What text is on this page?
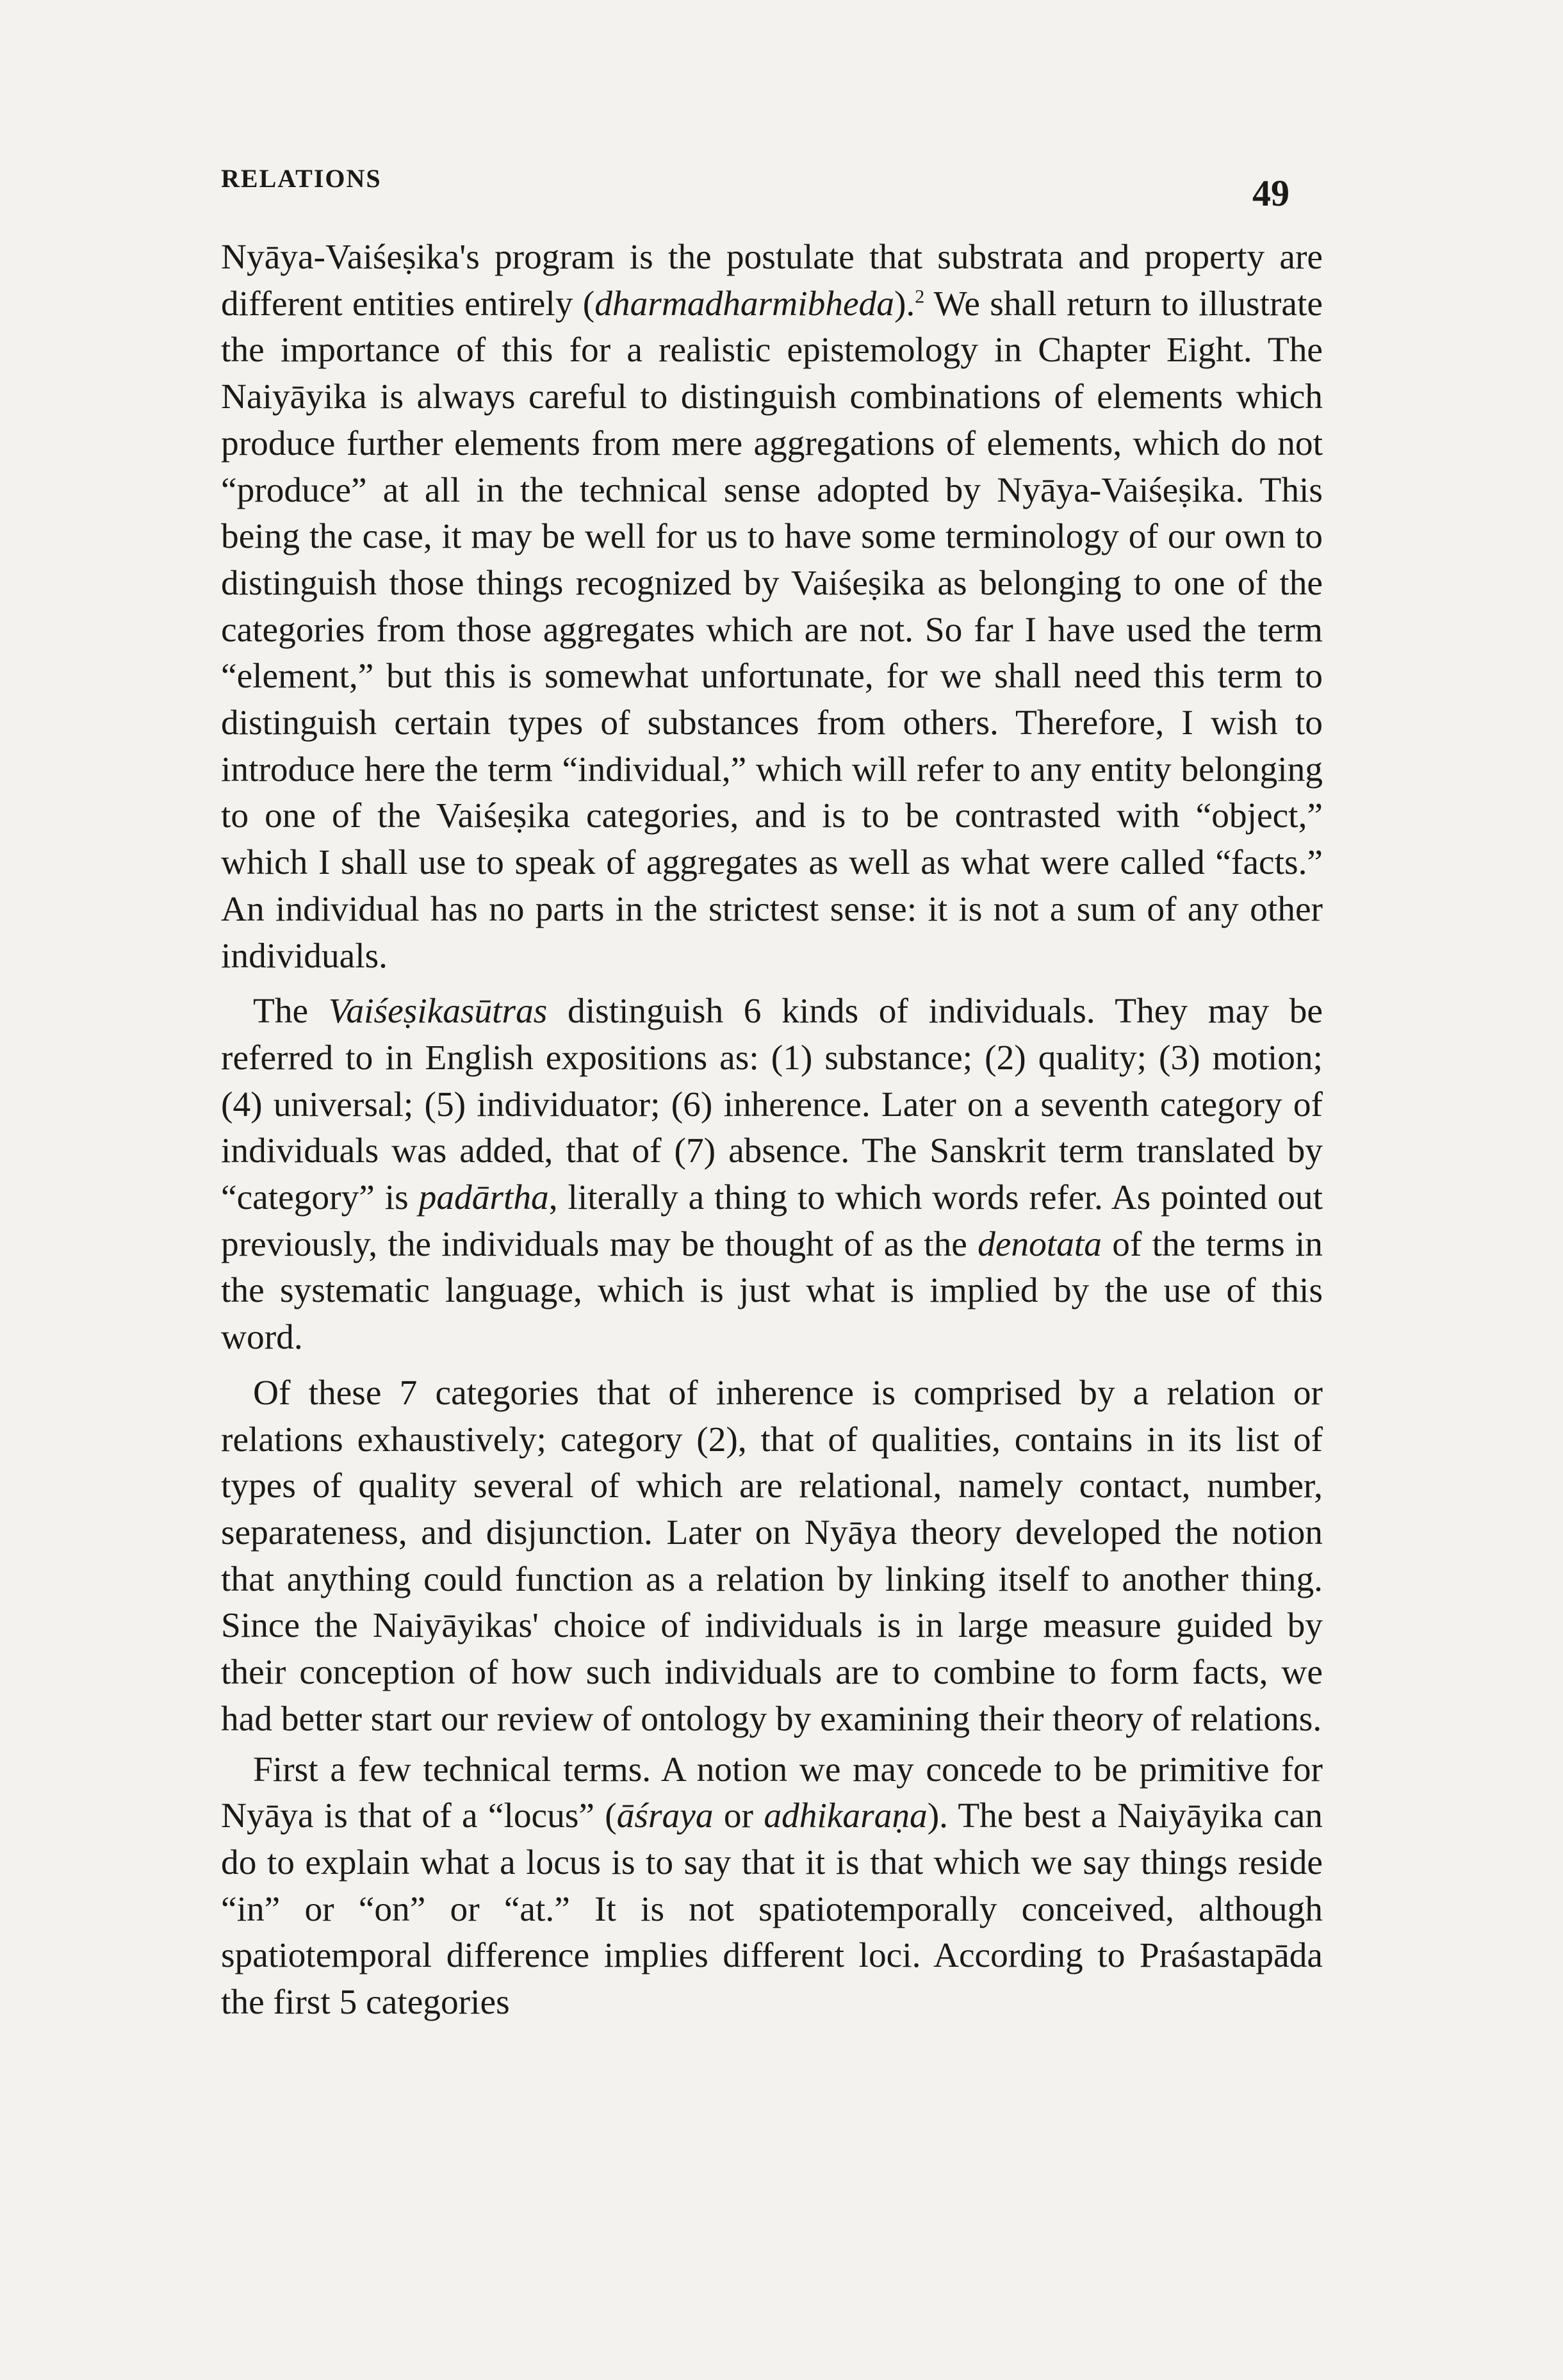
RELATIONS	49

Nyāya-Vaiśeṣika's program is the postulate that substrata and property are different entities entirely (dharmadharmibheda).$^2$ We shall return to illustrate the importance of this for a realistic epistemology in Chapter Eight. The Naiyāyika is always careful to distinguish combinations of elements which produce further elements from mere aggregations of elements, which do not “produce” at all in the technical sense adopted by Nyāya-Vaiśeṣika. This being the case, it may be well for us to have some terminology of our own to distinguish those things recognized by Vaiśeṣika as belonging to one of the categories from those aggregates which are not. So far I have used the term “element,” but this is somewhat unfortunate, for we shall need this term to distinguish certain types of substances from others. Therefore, I wish to introduce here the term “individual,” which will refer to any entity belonging to one of the Vaiśeṣika categories, and is to be contrasted with “object,” which I shall use to speak of aggregates as well as what were called “facts.” An individual has no parts in the strictest sense: it is not a sum of any other individuals.

The Vaiśeṣikasūtras distinguish 6 kinds of individuals. They may be referred to in English expositions as: (1) substance; (2) quality; (3) motion; (4) universal; (5) individuator; (6) inherence. Later on a seventh category of individuals was added, that of (7) absence. The Sanskrit term translated by “category” is padārtha, literally a thing to which words refer. As pointed out previously, the individuals may be thought of as the denotata of the terms in the systematic language, which is just what is implied by the use of this word.

Of these 7 categories that of inherence is comprised by a relation or relations exhaustively; category (2), that of qualities, contains in its list of types of quality several of which are relational, namely contact, number, separateness, and disjunction. Later on Nyāya theory developed the notion that anything could function as a relation by linking itself to another thing. Since the Naiyāyikas' choice of individuals is in large measure guided by their conception of how such individuals are to combine to form facts, we had better start our review of ontology by examining their theory of relations.

First a few technical terms. A notion we may concede to be primitive for Nyāya is that of a “locus” (āśraya or adhikaraṇa). The best a Naiyāyika can do to explain what a locus is to say that it is that which we say things reside “in” or “on” or “at.” It is not spatiotemporally conceived, although spatiotemporal difference implies different loci. According to Praśastapāda the first 5 categories
